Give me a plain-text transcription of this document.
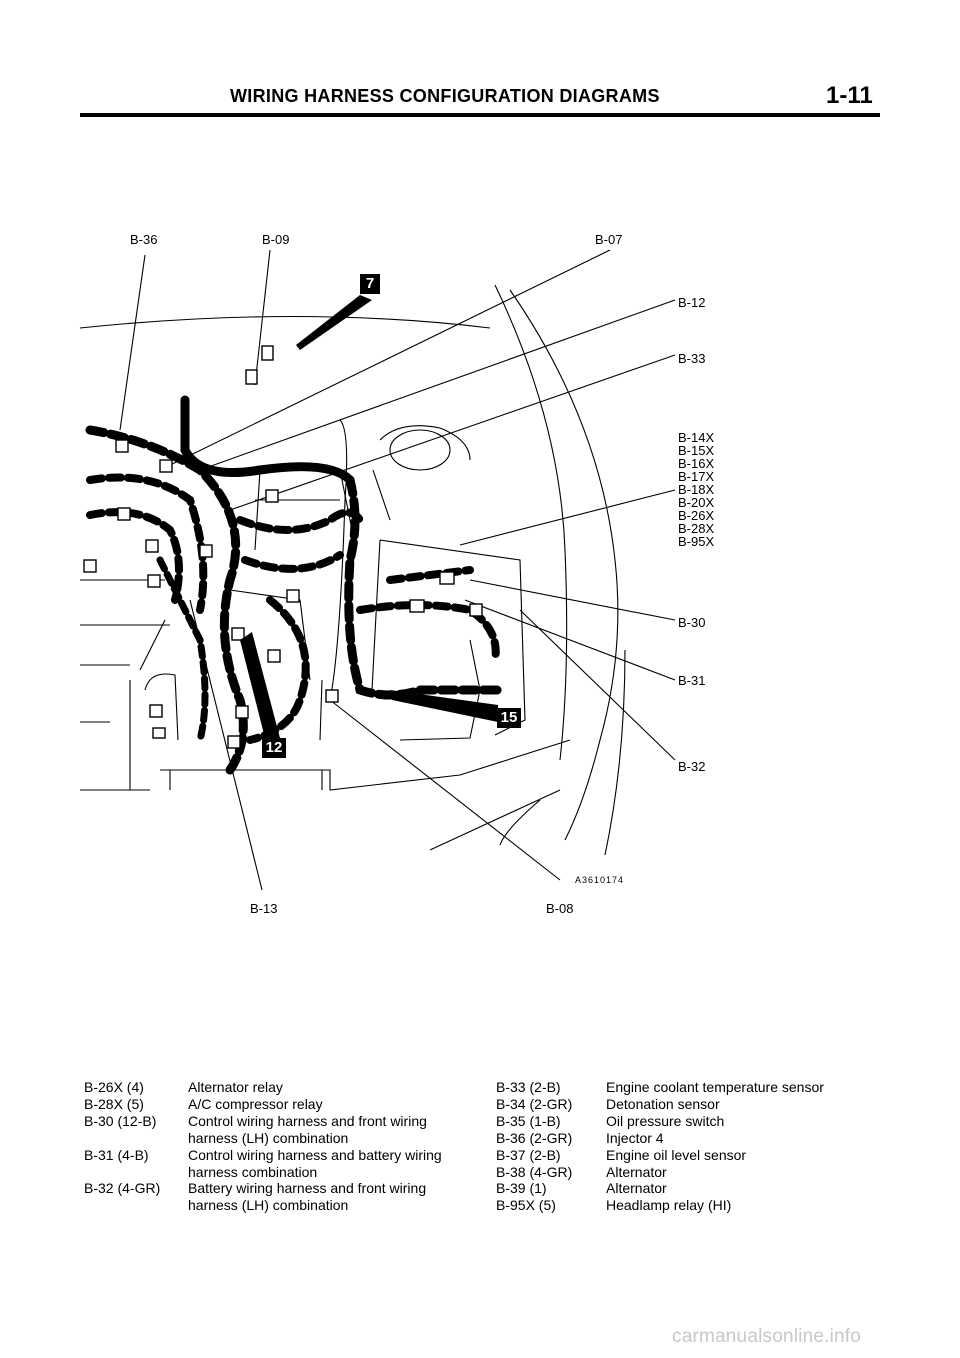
WIRING HARNESS CONFIGURATION DIAGRAMS	1-11
B-36	B-09	B-07
B-12
B-33
B-14X
B-15X
B-16X
B-17X
B-18X
B-20X
B-26X
B-28X
B-95X
B-30
B-31
B-32
B-13	B-08
7
12
15
A3610174
B-26X (4)	Alternator relay
B-28X (5)	A/C compressor relay
B-30 (12-B)	Control wiring harness and front wiring
harness (LH) combination
B-31 (4-B)	Control wiring harness and battery wiring
harness combination
B-32 (4-GR)	Battery wiring harness and front wiring
harness (LH) combination
B-33 (2-B)	Engine coolant temperature sensor
B-34 (2-GR)	Detonation sensor
B-35 (1-B)	Oil pressure switch
B-36 (2-GR)	Injector 4
B-37 (2-B)	Engine oil level sensor
B-38 (4-GR)	Alternator
B-39 (1)	Alternator
B-95X (5)	Headlamp relay (HI)
carmanualsonline.info
